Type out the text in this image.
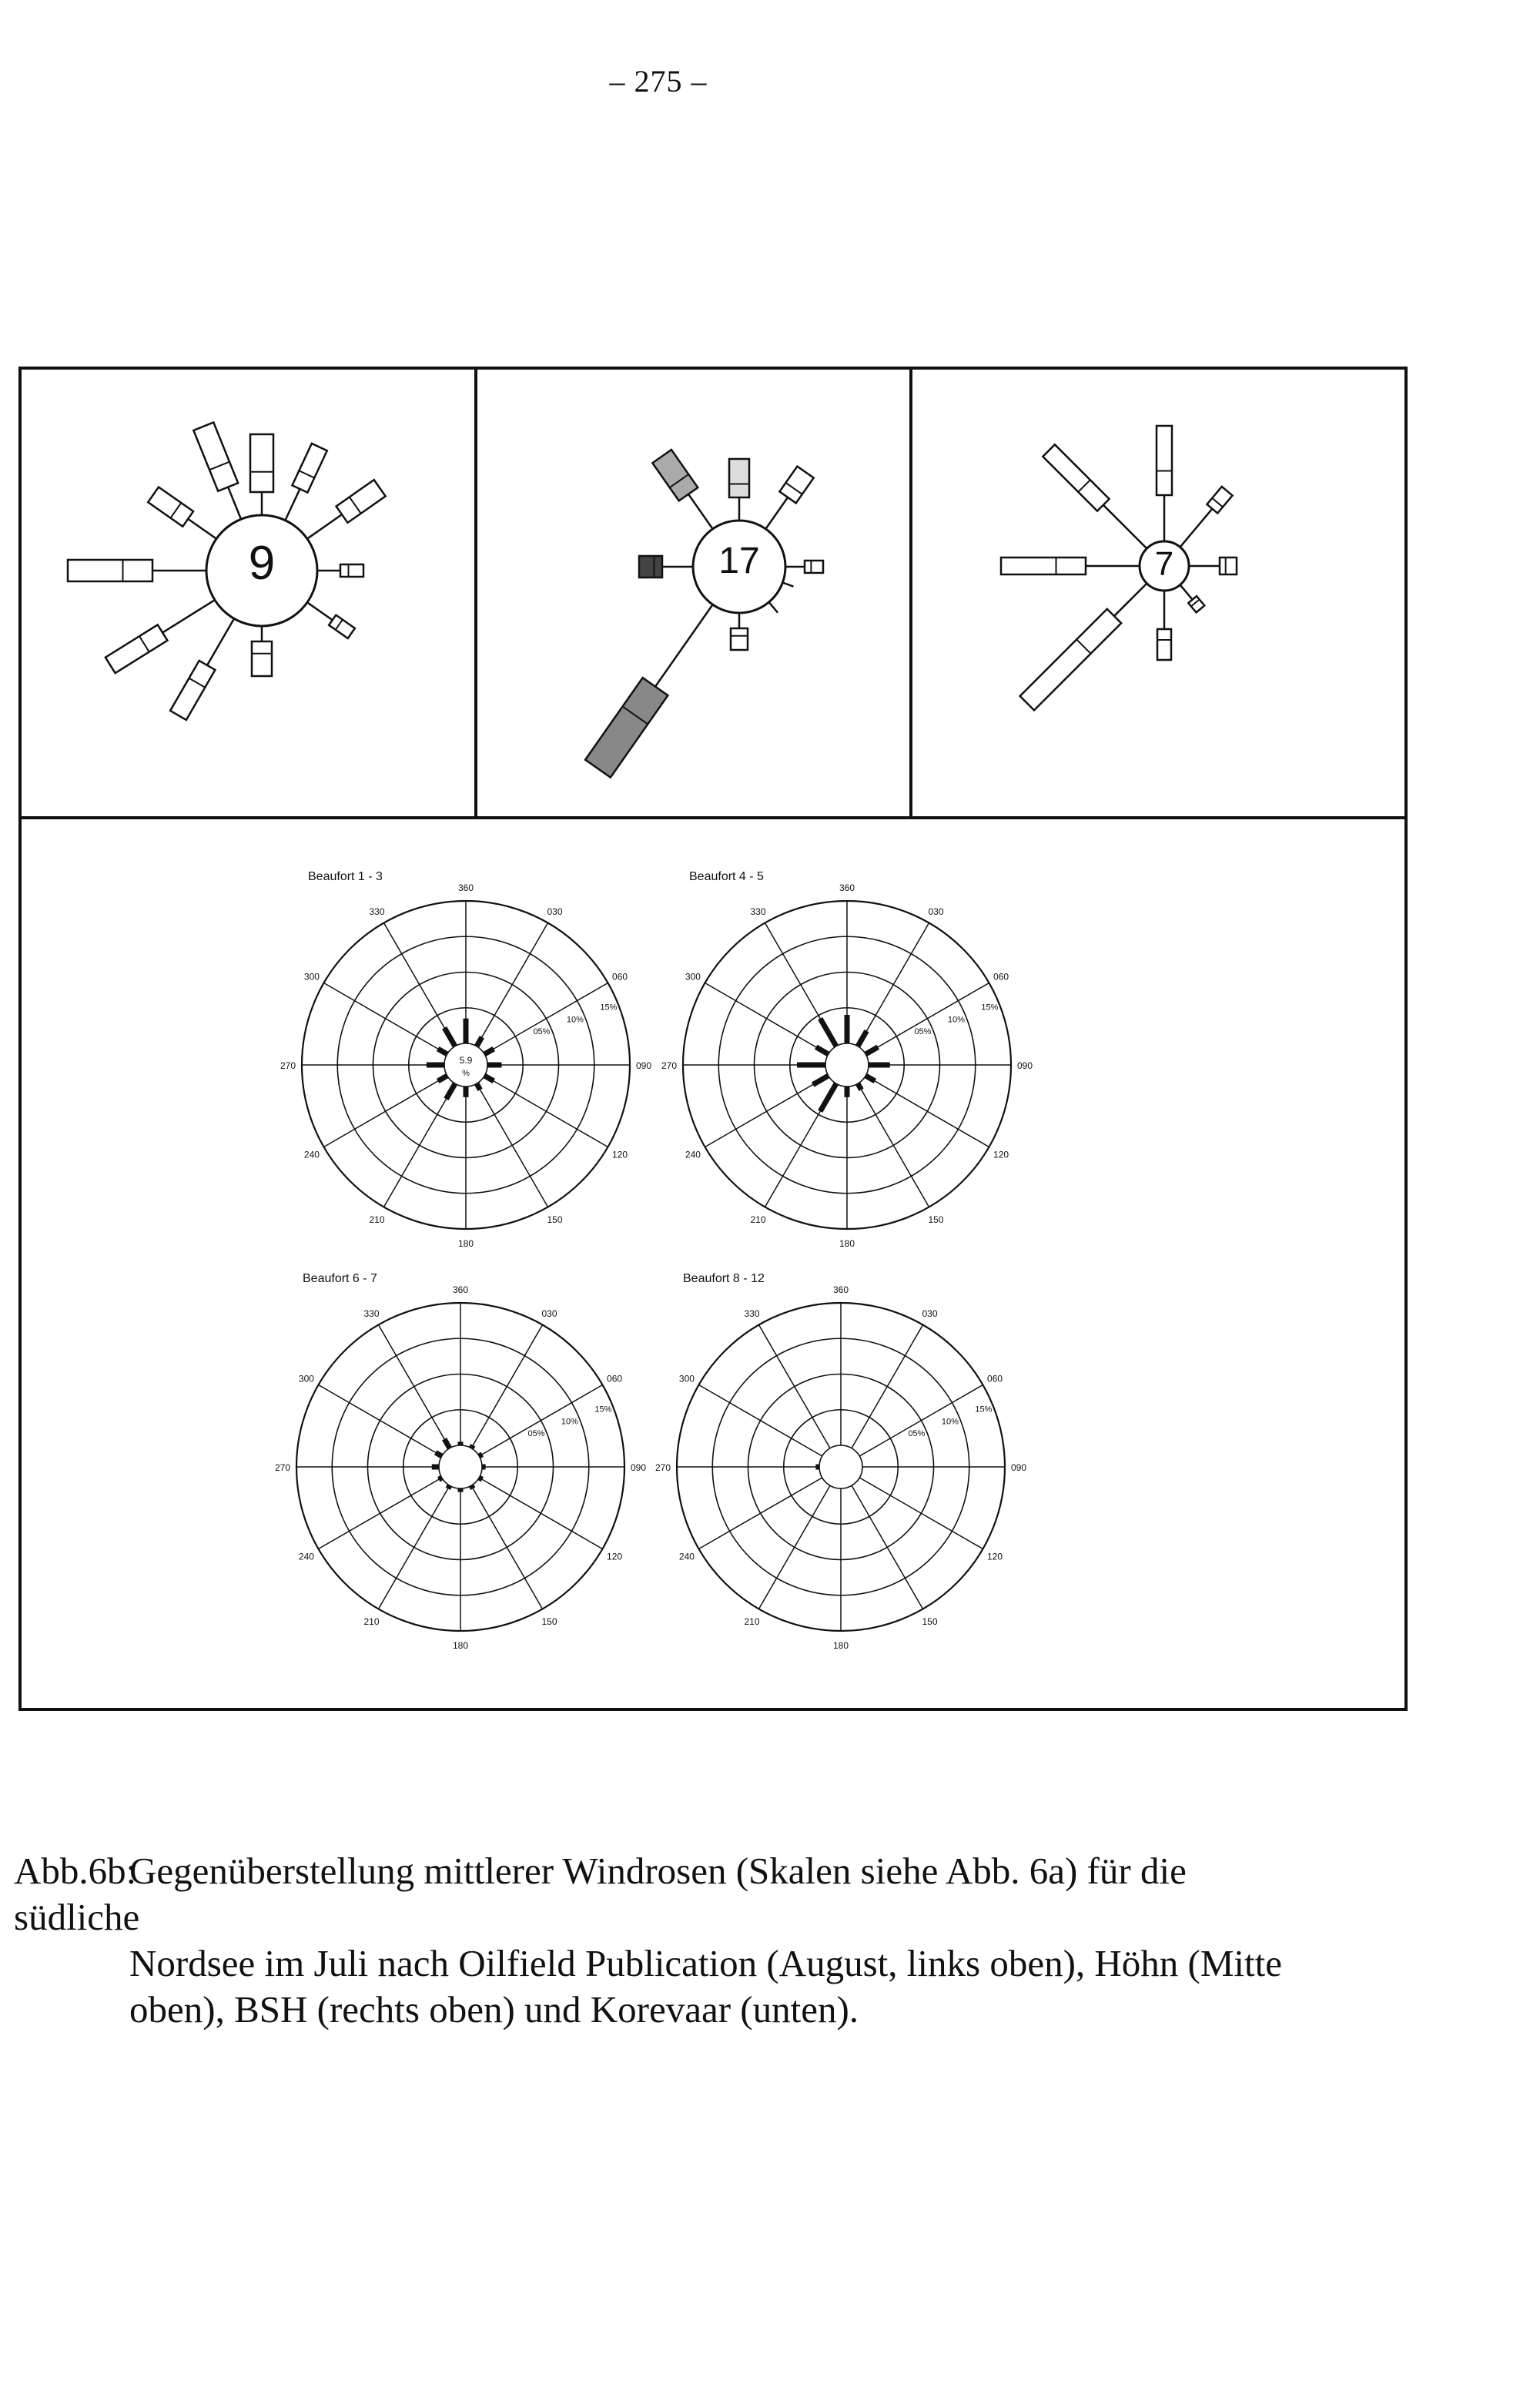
– 275 –
9	17	7
Beaufort 1 - 3
360
030
060
090
120
150
180
210
240
270
300
330
05%
10%
15%
5.9
%
Beaufort 4 - 5
360
030
060
090
120
150
180
210
240
270
300
330
05%
10%
15%
Beaufort 6 - 7
360
030
060
090
120
150
180
210
240
270
300
330
05%
10%
15%
Beaufort 8 - 12
360
030
060
090
120
150
180
210
240
270
300
330
05%
10%
15%
Abb.6b:Gegenüberstellung mittlerer Windrosen (Skalen siehe Abb. 6a) für die südliche
Nordsee im Juli nach Oilfield Publication (August, links oben), Höhn (Mitte
oben), BSH (rechts oben) und Korevaar (unten).
